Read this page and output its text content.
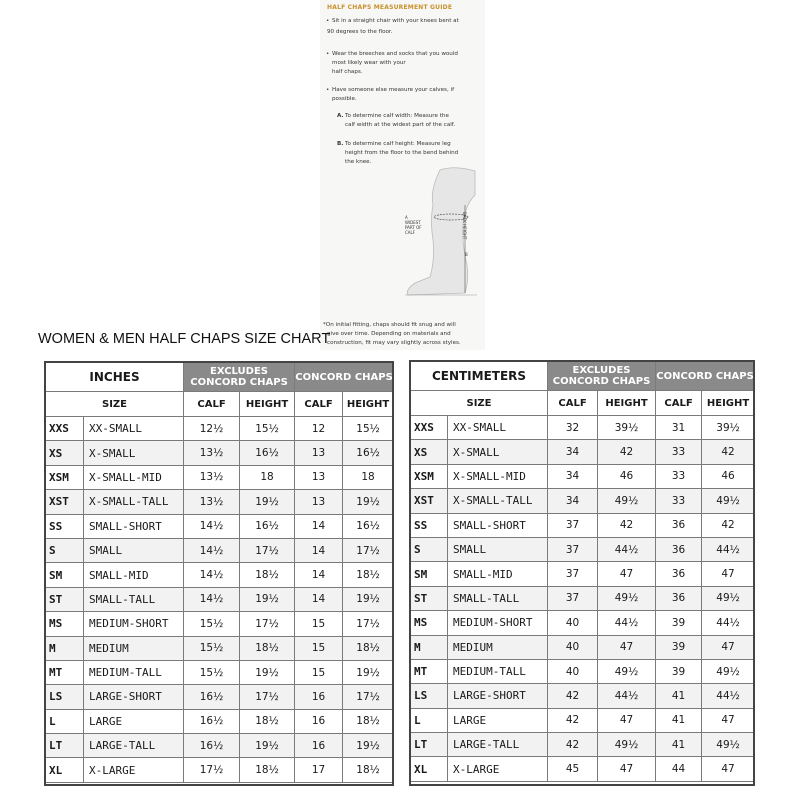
HALF CHAPS MEASUREMENT GUIDE
• Sit in a straight chair with your knees bent at
90 degrees to the floor.
• Wear the breeches and socks that you would
most likely wear with your
half chaps.
• Have someone else measure your calves, if
possible.
A. To determine calf width: Measure the
calf width at the widest part of the calf.
B. To determine calf height: Measure leg
height from the floor to the bend behind
the knee.
A
WIDEST
PART OF
CALF	BACK HEIGHT
B
*On initial fitting, chaps should fit snug and will
give over time. Depending on materials and
construction, fit may vary slightly across styles.
WOMEN & MEN HALF CHAPS SIZE CHART
INCHES		EXCLUDES
CONCORD CHAPS		CONCORD CHAPS	
SIZE		CALF	HEIGHT	CALF	HEIGHT
XXS	XX-SMALL	12½	15½	12	15½
XS	X-SMALL	13½	16½	13	16½
XSM	X-SMALL-MID	13½	18	13	18
XST	X-SMALL-TALL	13½	19½	13	19½
SS	SMALL-SHORT	14½	16½	14	16½
S	SMALL	14½	17½	14	17½
SM	SMALL-MID	14½	18½	14	18½
ST	SMALL-TALL	14½	19½	14	19½
MS	MEDIUM-SHORT	15½	17½	15	17½
M	MEDIUM	15½	18½	15	18½
MT	MEDIUM-TALL	15½	19½	15	19½
LS	LARGE-SHORT	16½	17½	16	17½
L	LARGE	16½	18½	16	18½
LT	LARGE-TALL	16½	19½	16	19½
XL	X-LARGE	17½	18½	17	18½
CENTIMETERS		EXCLUDES
CONCORD CHAPS		CONCORD CHAPS	
SIZE		CALF	HEIGHT	CALF	HEIGHT
XXS	XX-SMALL	32	39½	31	39½
XS	X-SMALL	34	42	33	42
XSM	X-SMALL-MID	34	46	33	46
XST	X-SMALL-TALL	34	49½	33	49½
SS	SMALL-SHORT	37	42	36	42
S	SMALL	37	44½	36	44½
SM	SMALL-MID	37	47	36	47
ST	SMALL-TALL	37	49½	36	49½
MS	MEDIUM-SHORT	40	44½	39	44½
M	MEDIUM	40	47	39	47
MT	MEDIUM-TALL	40	49½	39	49½
LS	LARGE-SHORT	42	44½	41	44½
L	LARGE	42	47	41	47
LT	LARGE-TALL	42	49½	41	49½
XL	X-LARGE	45	47	44	47
